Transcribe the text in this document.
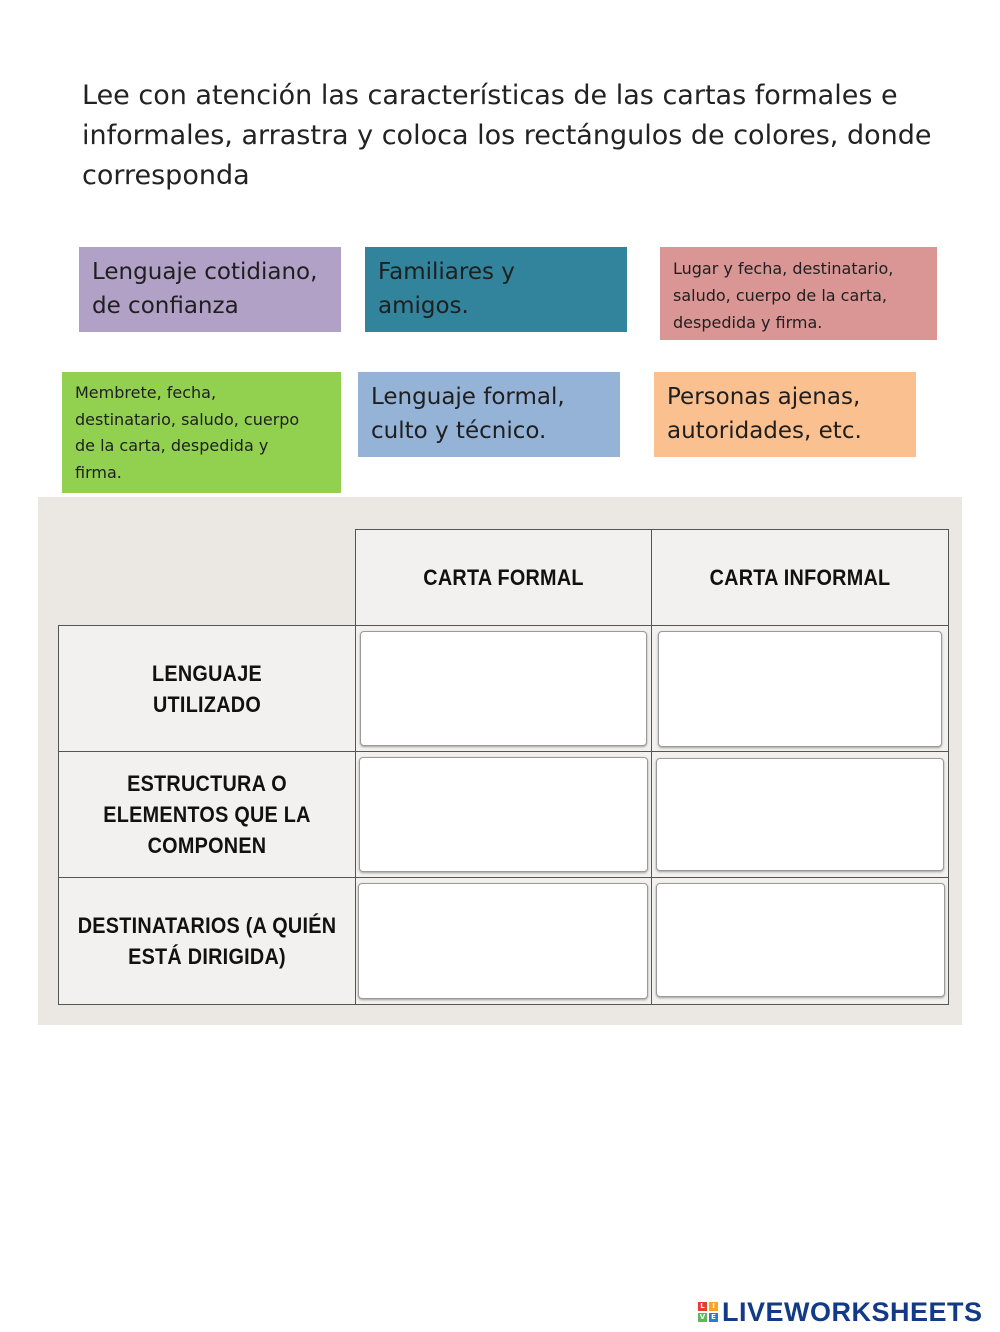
Lee con atención las características de las cartas formales e
informales, arrastra y coloca los rectángulos de colores, donde
corresponda
Lenguaje cotidiano,
de confianza
Familiares y
amigos.
Lugar y fecha, destinatario,
saludo, cuerpo de la carta,
despedida y firma.
Membrete, fecha,
destinatario, saludo, cuerpo
de la carta, despedida y
firma.
Lenguaje formal,
culto y técnico.
Personas ajenas,
autoridades, etc.
CARTA FORMAL	CARTA INFORMAL
LENGUAJE
UTILIZADO
ESTRUCTURA O
ELEMENTOS QUE LA
COMPONEN
DESTINATARIOS (A QUIÉN
ESTÁ DIRIGIDA)
L	I
V E LIVEWORKSHEETS
